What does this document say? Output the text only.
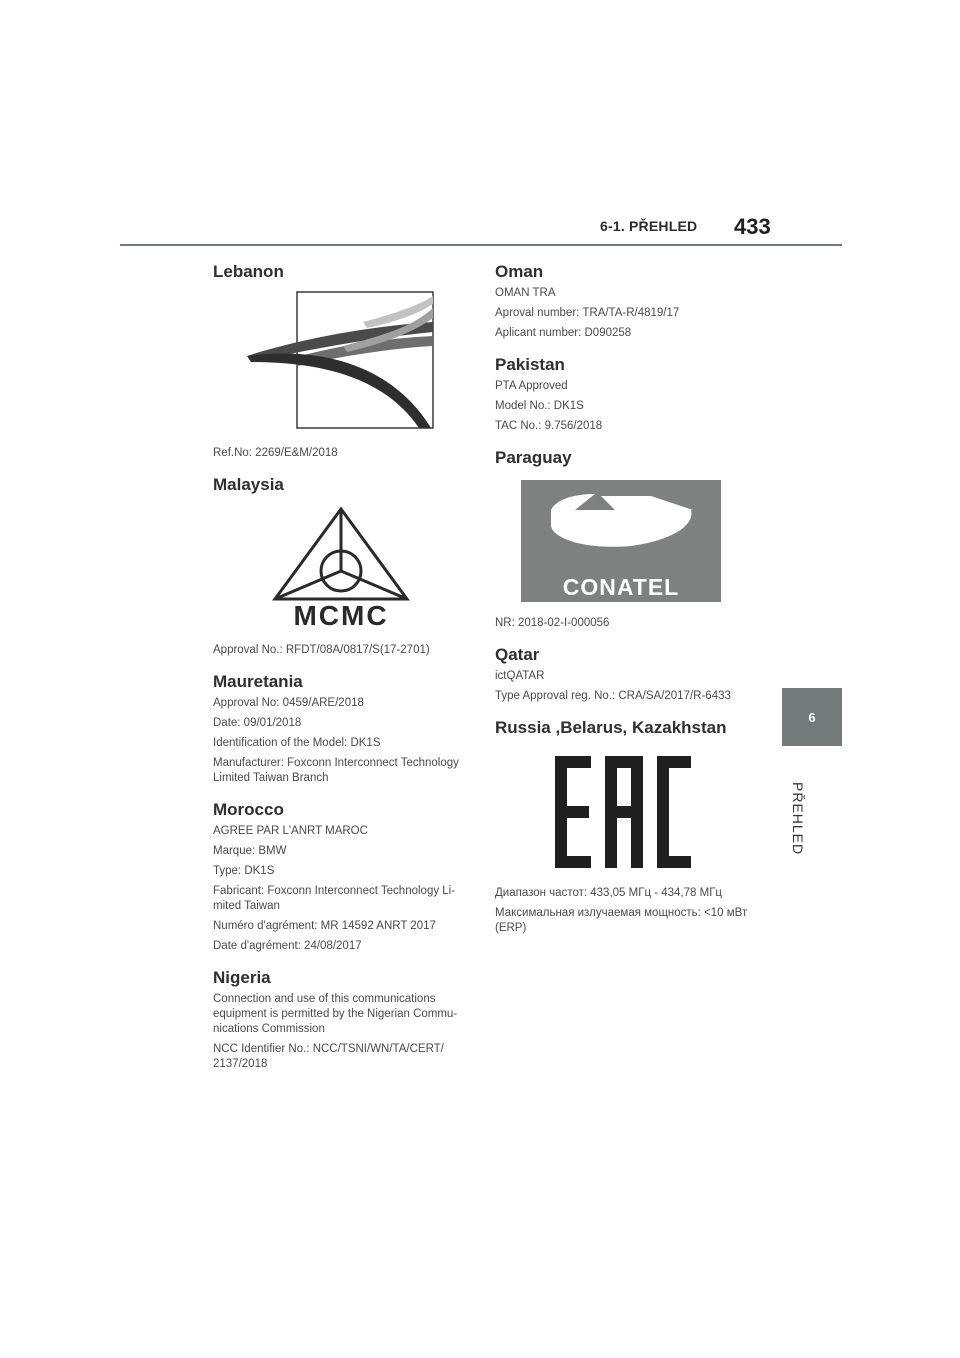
6-1. PŘEHLED 433
6
PŘEHLED
Lebanon

Ref.No: 2269/E&M/2018

Malaysia
MCMC

Approval No.: RFDT/08A/0817/S(17-2701)

Mauretania

Approval No: 0459/ARE/2018

Date: 09/01/2018

Identification of the Model: DK1S

Manufacturer: Foxconn Interconnect Technology Limited Taiwan Branch

Morocco

AGREE PAR L'ANRT MAROC

Marque: BMW

Type: DK1S

Fabricant: Foxconn Interconnect Technology Li- mited Taiwan

Numéro d'agrément: MR 14592 ANRT 2017

Date d'agrément: 24/08/2017

Nigeria

Connection and use of this communications equipment is permitted by the Nigerian Commu- nications Commission

NCC Identifier No.: NCC/TSNI/WN/TA/CERT/ 2137/2018

Oman

OMAN TRA

Aproval number: TRA/TA-R/4819/17

Aplicant number: D090258

Pakistan

PTA Approved

Model No.: DK1S

TAC No.: 9.756/2018

Paraguay
CONATEL

NR: 2018-02-I-000056

Qatar

ictQATAR

Type Approval reg. No.: CRA/SA/2017/R-6433

Russia ,Belarus, Kazakhstan
EAC

Диапазон частот: 433,05 МГц - 434,78 МГц

Максимальная излучаемая мощность: <10 мВт (ERP)
